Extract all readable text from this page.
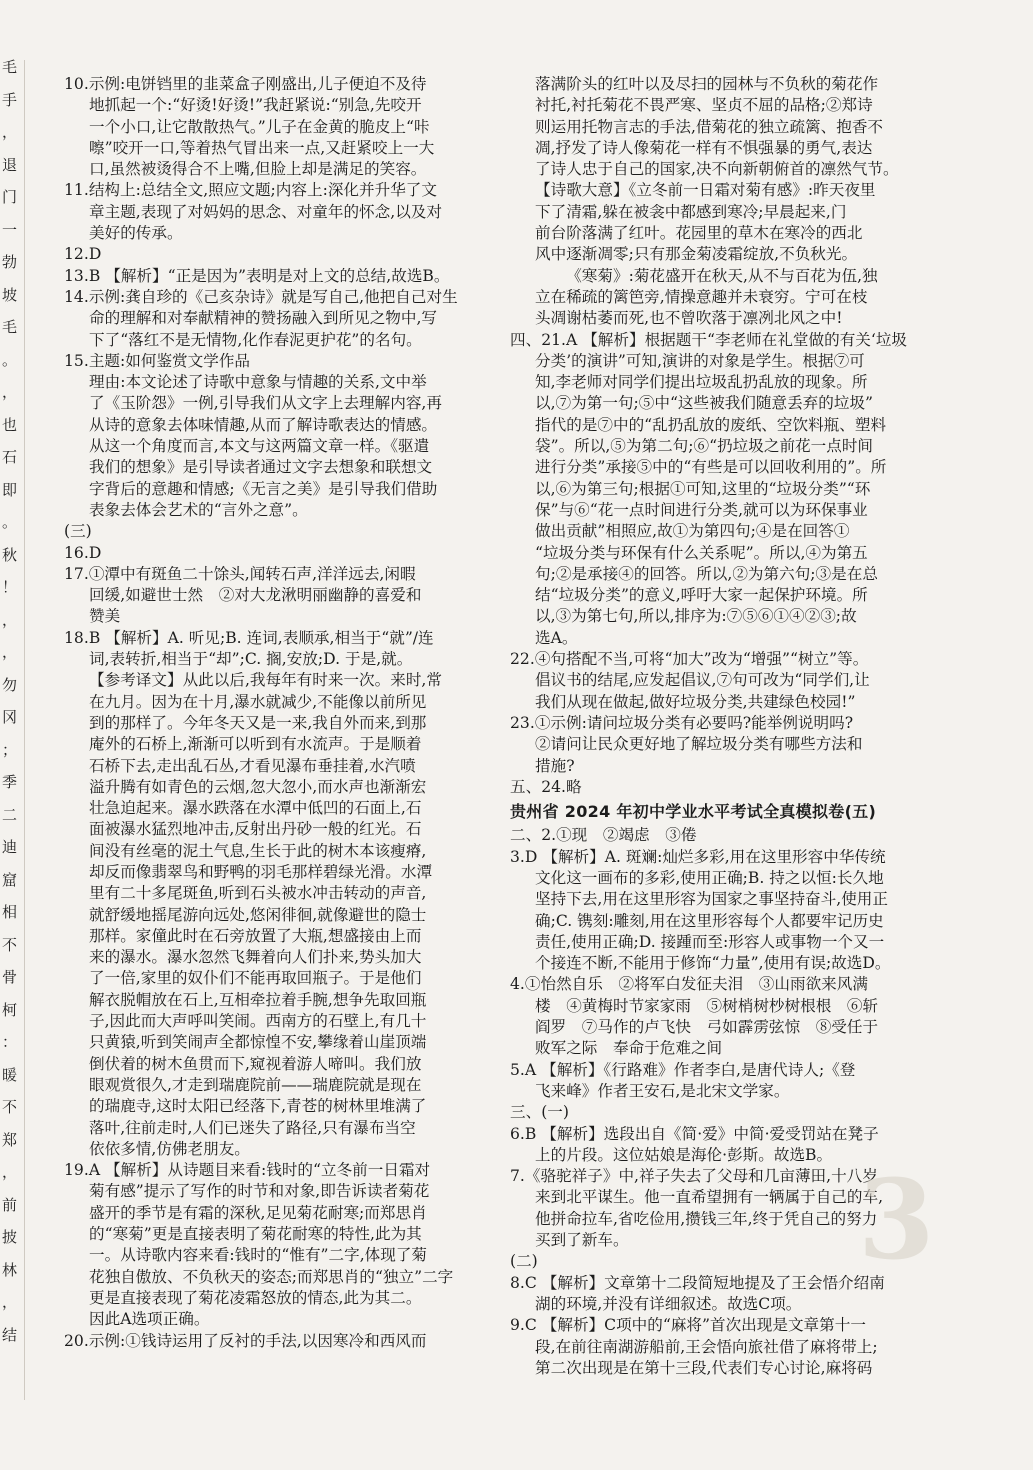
毛
手
，
退
门
一
勃
坡
毛
。
，
也
石
即
。
秋
！
，
，
勿
冈
；
季
二
迪
窟
相
不
骨
柯
：
暖
不
郑
，
前
披
林
，
结
10.示例:电饼铛里的韭菜盒子刚盛出,儿子便迫不及待
地抓起一个:“好烫!好烫!”我赶紧说:“别急,先咬开
一个小口,让它散散热气。”儿子在金黄的脆皮上“咔
嚓”咬开一口,等着热气冒出来一点,又赶紧咬上一大
口,虽然被烫得合不上嘴,但脸上却是满足的笑容。
11.结构上:总结全文,照应文题;内容上:深化并升华了文
章主题,表现了对妈妈的思念、对童年的怀念,以及对
美好的传承。
12.D
13.B 【解析】“正是因为”表明是对上文的总结,故选B。
14.示例:龚自珍的《己亥杂诗》就是写自己,他把自己对生
命的理解和对奉献精神的赞扬融入到所见之物中,写
下了“落红不是无情物,化作春泥更护花”的名句。
15.主题:如何鉴赏文学作品
理由:本文论述了诗歌中意象与情趣的关系,文中举
了《玉阶怨》一例,引导我们从文字上去理解内容,再
从诗的意象去体味情趣,从而了解诗歌表达的情感。
从这一个角度而言,本文与这两篇文章一样。《驱遣
我们的想象》是引导读者通过文字去想象和联想文
字背后的意趣和情感;《无言之美》是引导我们借助
表象去体会艺术的“言外之意”。
(三)
16.D
17.①潭中有斑鱼二十馀头,闻转石声,洋洋远去,闲暇
回缓,如避世士然　②对大龙湫明丽幽静的喜爱和
赞美
18.B 【解析】A. 听见;B. 连词,表顺承,相当于“就”/连
词,表转折,相当于“却”;C. 搁,安放;D. 于是,就。
【参考译文】从此以后,我每年有时来一次。来时,常
在九月。因为在十月,瀑水就减少,不能像以前所见
到的那样了。今年冬天又是一来,我自外而来,到那
庵外的石桥上,渐渐可以听到有水流声。于是顺着
石桥下去,走出乱石丛,才看见瀑布垂挂着,水汽喷
溢升腾有如青色的云烟,忽大忽小,而水声也渐渐宏
壮急迫起来。瀑水跌落在水潭中低凹的石面上,石
面被瀑水猛烈地冲击,反射出丹砂一般的红光。石
间没有丝毫的泥土气息,生长于此的树木本该瘦瘠,
却反而像翡翠鸟和野鸭的羽毛那样碧绿光滑。水潭
里有二十多尾斑鱼,听到石头被水冲击转动的声音,
就舒缓地摇尾游向远处,悠闲徘徊,就像避世的隐士
那样。家僮此时在石旁放置了大瓶,想盛接由上而
来的瀑水。瀑水忽然飞舞着向人们扑来,势头加大
了一倍,家里的奴仆们不能再取回瓶子。于是他们
解衣脱帽放在石上,互相牵拉着手腕,想争先取回瓶
子,因此而大声呼叫笑闹。西南方的石壁上,有几十
只黄猿,听到笑闹声全都惊惶不安,攀缘着山崖顶端
倒伏着的树木鱼贯而下,窥视着游人啼叫。我们放
眼观赏很久,才走到瑞鹿院前——瑞鹿院就是现在
的瑞鹿寺,这时太阳已经落下,青苍的树林里堆满了
落叶,往前走时,人们已迷失了路径,只有瀑布当空
依依多情,仿佛老朋友。
19.A 【解析】从诗题目来看:钱时的“立冬前一日霜对
菊有感”提示了写作的时节和对象,即告诉读者菊花
盛开的季节是有霜的深秋,足见菊花耐寒;而郑思肖
的“寒菊”更是直接表明了菊花耐寒的特性,此为其
一。从诗歌内容来看:钱时的“惟有”二字,体现了菊
花独自傲放、不负秋天的姿态;而郑思肖的“独立”二字
更是直接表现了菊花凌霜怒放的情态,此为其二。
因此A选项正确。
20.示例:①钱诗运用了反衬的手法,以因寒冷和西风而
落满阶头的红叶以及尽扫的园林与不负秋的菊花作
衬托,衬托菊花不畏严寒、坚贞不屈的品格;②郑诗
则运用托物言志的手法,借菊花的独立疏篱、抱香不
凋,抒发了诗人像菊花一样有不惧强暴的勇气,表达
了诗人忠于自己的国家,决不向新朝俯首的凛然气节。
【诗歌大意】《立冬前一日霜对菊有感》:昨天夜里
下了清霜,躲在被衾中都感到寒冷;早晨起来,门
前台阶落满了红叶。花园里的草木在寒冷的西北
风中逐渐凋零;只有那金菊凌霜绽放,不负秋光。
《寒菊》:菊花盛开在秋天,从不与百花为伍,独
立在稀疏的篱笆旁,情操意趣并未衰穷。宁可在枝
头凋谢枯萎而死,也不曾吹落于凛冽北风之中!
四、21.A 【解析】根据题干“李老师在礼堂做的有关‘垃圾
分类’的演讲”可知,演讲的对象是学生。根据⑦可
知,李老师对同学们提出垃圾乱扔乱放的现象。所
以,⑦为第一句;⑤中“这些被我们随意丢弃的垃圾”
指代的是⑦中的“乱扔乱放的废纸、空饮料瓶、塑料
袋”。所以,⑤为第二句;⑥“扔垃圾之前花一点时间
进行分类”承接⑤中的“有些是可以回收利用的”。所
以,⑥为第三句;根据①可知,这里的“垃圾分类”“环
保”与⑥“花一点时间进行分类,就可以为环保事业
做出贡献”相照应,故①为第四句;④是在回答①
“垃圾分类与环保有什么关系呢”。所以,④为第五
句;②是承接④的回答。所以,②为第六句;③是在总
结“垃圾分类”的意义,呼吁大家一起保护环境。所
以,③为第七句,所以,排序为:⑦⑤⑥①④②③;故
选A。
22.④句搭配不当,可将“加大”改为“增强”“树立”等。
倡议书的结尾,应发起倡议,⑦句可改为“同学们,让
我们从现在做起,做好垃圾分类,共建绿色校园!”
23.①示例:请问垃圾分类有必要吗?能举例说明吗?
②请问让民众更好地了解垃圾分类有哪些方法和
措施?
五、24.略
贵州省 2024 年初中学业水平考试全真模拟卷(五)
二、2.①现　②竭虑　③倦
3.D 【解析】A. 斑斓:灿烂多彩,用在这里形容中华传统
文化这一画布的多彩,使用正确;B. 持之以恒:长久地
坚持下去,用在这里形容为国家之事坚持奋斗,使用正
确;C. 镌刻:雕刻,用在这里形容每个人都要牢记历史
责任,使用正确;D. 接踵而至:形容人或事物一个又一
个接连不断,不能用于修饰“力量”,使用有误;故选D。
4.①怡然自乐　②将军白发征夫泪　③山雨欲来风满
楼　④黄梅时节家家雨　⑤树梢树杪树根根　⑥斩
阎罗　⑦马作的卢飞快　弓如霹雳弦惊　⑧受任于
败军之际　奉命于危难之间
5.A 【解析】《行路难》作者李白,是唐代诗人;《登
飞来峰》作者王安石,是北宋文学家。
三、(一)
6.B 【解析】选段出自《简·爱》中简·爱受罚站在凳子
上的片段。这位姑娘是海伦·彭斯。故选B。
7.《骆驼祥子》中,祥子失去了父母和几亩薄田,十八岁
来到北平谋生。他一直希望拥有一辆属于自己的车,
他拼命拉车,省吃俭用,攒钱三年,终于凭自己的努力
买到了新车。
(二)
8.C 【解析】文章第十二段简短地提及了王会悟介绍南
湖的环境,并没有详细叙述。故选C项。
9.C 【解析】C项中的“麻将”首次出现是文章第十一
段,在前往南湖游船前,王会悟向旅社借了麻将带上;
第二次出现是在第十三段,代表们专心讨论,麻将码
3
